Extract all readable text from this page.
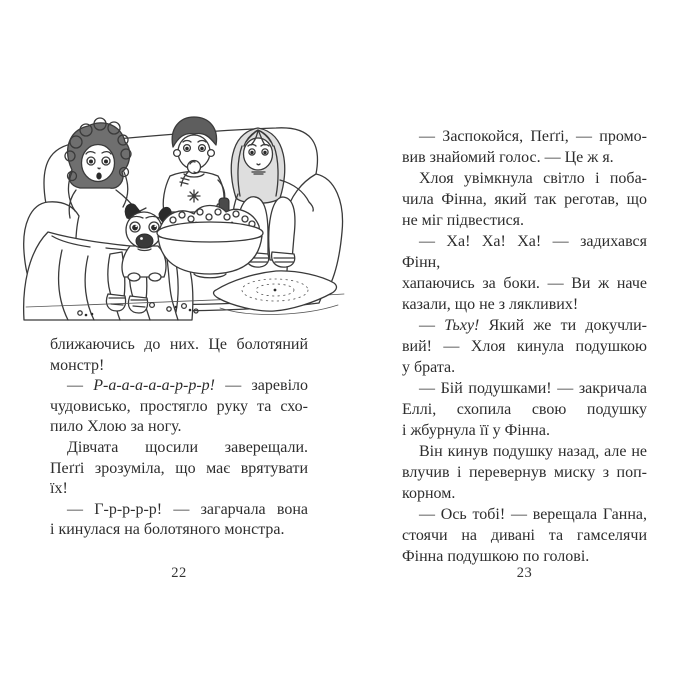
ближаючись до них. Це болотяний
монстр!
— Р-а-а-а-а-а-р-р-р! — заревіло
чудовисько, простягло руку та схо-
пило Хлою за ногу.
Дівчата щосили заверещали.
Пеґґі зрозуміла, що має врятувати
їх!
— Г-р-р-р-р! — загарчала вона
і кинулася на болотяного монстра.
22
— Заспокойся, Пеґґі, — промо-
вив знайомий голос. — Це ж я.
Хлоя увімкнула світло і поба-
чила Фінна, який так реготав, що
не міг підвестися.
— Ха! Ха! Ха! — задихався Фінн,
хапаючись за боки. — Ви ж наче
казали, що не з лякливих!
— Тьху! Який же ти докучли-
вий! — Хлоя кинула подушкою
у брата.
— Бій подушками! — закричала
Еллі, схопила свою подушку
і жбурнула її у Фінна.
Він кинув подушку назад, але не
влучив і перевернув миску з поп-
корном.
— Ось тобі! — верещала Ганна,
стоячи на дивані та гамселячи
Фінна подушкою по голові.
23
